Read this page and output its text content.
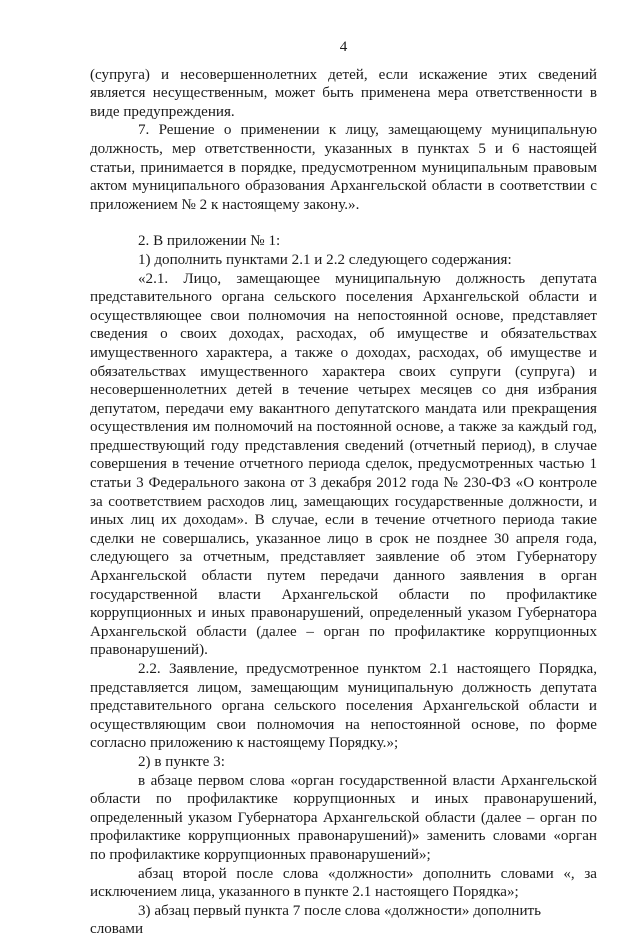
4

(супруга) и несовершеннолетних детей, если искажение этих сведений является несущественным, может быть применена мера ответственности в виде предупреждения.

7. Решение о применении к лицу, замещающему муниципальную должность, мер ответственности, указанных в пунктах 5 и 6 настоящей статьи, принимается в порядке, предусмотренном муниципальным правовым актом муниципального образования Архангельской области в соответствии с приложением № 2 к настоящему закону.».

2. В приложении № 1:

1) дополнить пунктами 2.1 и 2.2 следующего содержания:

«2.1. Лицо, замещающее муниципальную должность депутата представительного органа сельского поселения Архангельской области и осуществляющее свои полномочия на непостоянной основе, представляет сведения о своих доходах, расходах, об имуществе и обязательствах имущественного характера, а также о доходах, расходах, об имуществе и обязательствах имущественного характера своих супруги (супруга) и несовершеннолетних детей в течение четырех месяцев со дня избрания депутатом, передачи ему вакантного депутатского мандата или прекращения осуществления им полномочий на постоянной основе, а также за каждый год, предшествующий году представления сведений (отчетный период), в случае совершения в течение отчетного периода сделок, предусмотренных частью 1 статьи 3 Федерального закона от 3 декабря 2012 года № 230-ФЗ «О контроле за соответствием расходов лиц, замещающих государственные должности, и иных лиц их доходам». В случае, если в течение отчетного периода такие сделки не совершались, указанное лицо в срок не позднее 30 апреля года, следующего за отчетным, представляет заявление об этом Губернатору Архангельской области путем передачи данного заявления в орган государственной власти Архангельской области по профилактике коррупционных и иных правонарушений, определенный указом Губернатора Архангельской области (далее – орган по профилактике коррупционных правонарушений).

2.2. Заявление, предусмотренное пунктом 2.1 настоящего Порядка, представляется лицом, замещающим муниципальную должность депутата представительного органа сельского поселения Архангельской области и осуществляющим свои полномочия на непостоянной основе, по форме согласно приложению к настоящему Порядку.»;

2) в пункте 3:

в абзаце первом слова «орган государственной власти Архангельской области по профилактике коррупционных и иных правонарушений, определенный указом Губернатора Архангельской области (далее – орган по профилактике коррупционных правонарушений)» заменить словами «орган по профилактике коррупционных правонарушений»;

абзац второй после слова «должности» дополнить словами «, за исключением лица, указанного в пункте 2.1 настоящего Порядка»;

3) абзац первый пункта 7 после слова «должности» дополнить словами
